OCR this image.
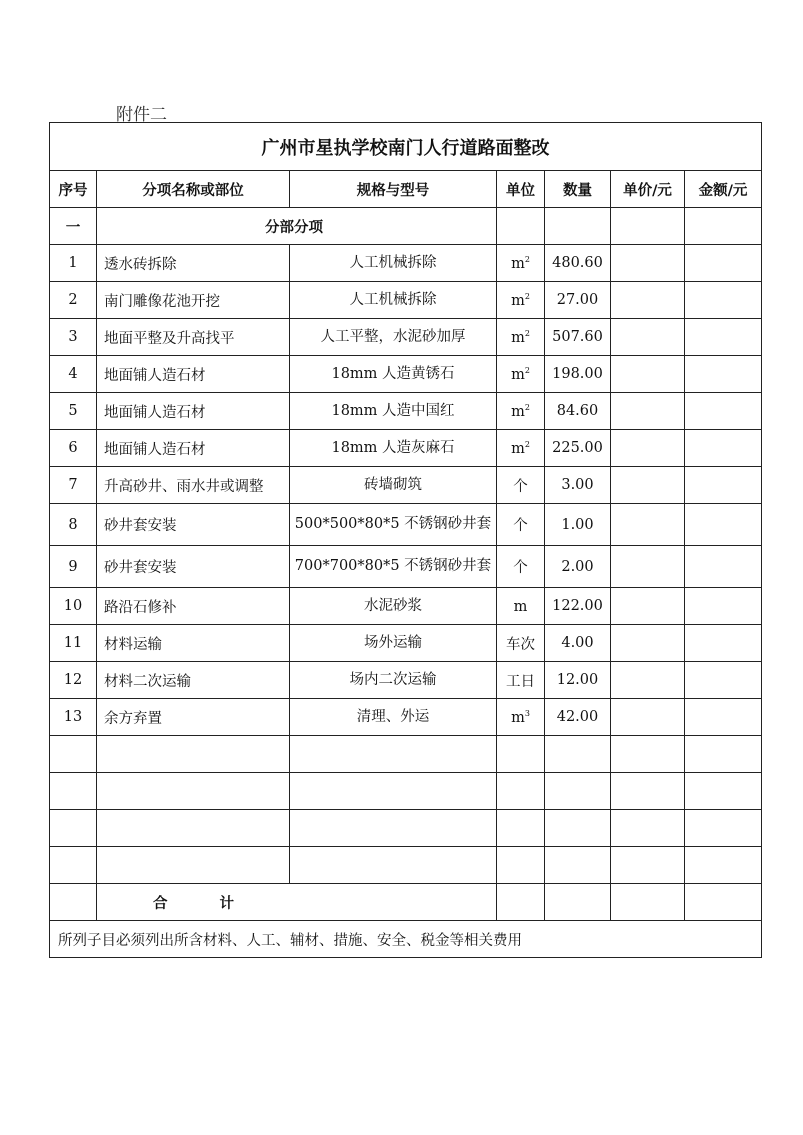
附件二
广州市星执学校南门人行道路面整改						
序号	分项名称或部位	规格与型号	单位	数量	单价/元	金额/元
一	分部分项					

1	透水砖拆除	人工机械拆除	$m^2$	480.60		
2	南门雕像花池开挖	人工机械拆除	$m^2$	27.00		
3	地面平整及升高找平	人工平整，水泥砂加厚	$m^2$	507.60		
4	地面铺人造石材	18mm 人造黄锈石	$m^2$	198.00		
5	地面铺人造石材	18mm 人造中国红	$m^2$	84.60		
6	地面铺人造石材	18mm 人造灰麻石	$m^2$	225.00		
7	升高砂井、雨水井或调整	砖墙砌筑	个	3.00		
8	砂井套安装	500*500*80*5 不锈钢砂井套	个	1.00		
9	砂井套安装	700*700*80*5 不锈钢砂井套	个	2.00		
10	路沿石修补	水泥砂浆	m	122.00		
11	材料运输	场外运输	车次	4.00		
12	材料二次运输	场内二次运输	工日	12.00		
13	余方弃置	清理、外运	$m^3$	42.00		

	合 计					
所列子目必须列出所含材料、人工、辅材、措施、安全、税金等相关费用						
